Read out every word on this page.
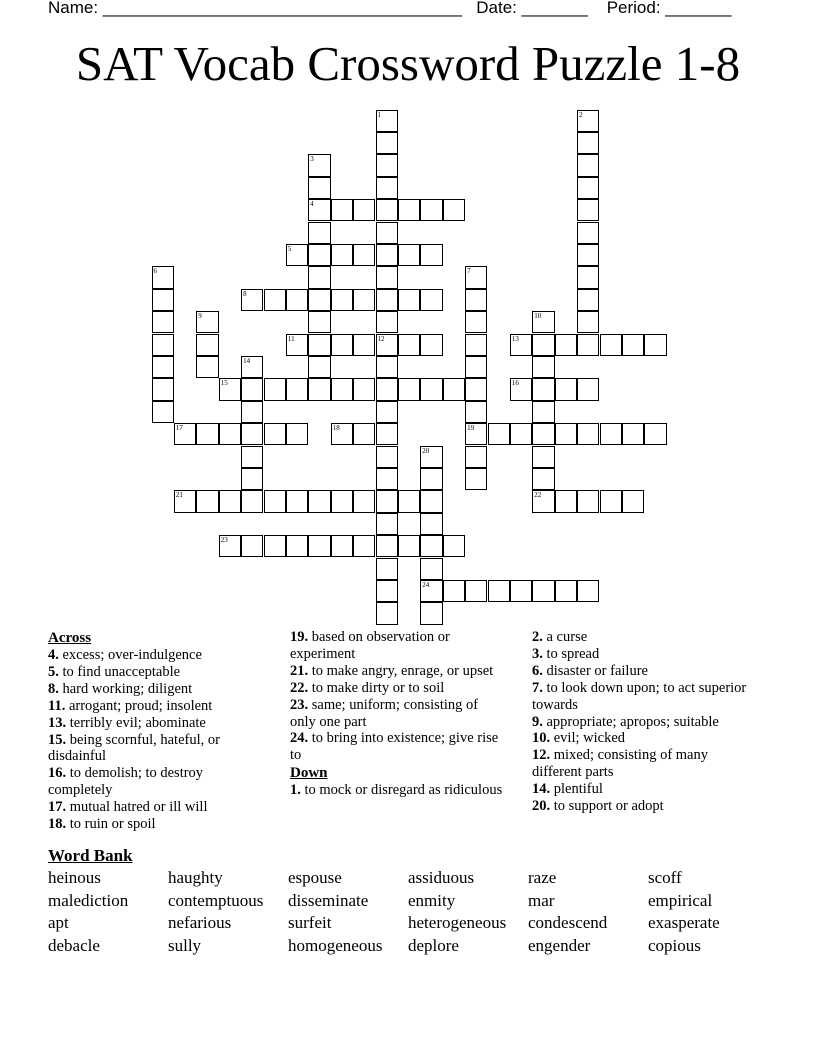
Name: ______________________________________ Date: _______ Period: _______
SAT Vocab Crossword Puzzle 1-8
4
5
8
11	12	13
15	16
17	18	19
21	22
23
24
1	2
3
6	7
9	10
14
20
Across

4. excess; over-indulgence

5. to find unacceptable

8. hard working; diligent

11. arrogant; proud; insolent

13. terribly evil; abominate

15. being scornful, hateful, or disdainful

16. to demolish; to destroy completely

17. mutual hatred or ill will

18. to ruin or spoil

19. based on observation or experiment

21. to make angry, enrage, or upset

22. to make dirty or to soil

23. same; uniform; consisting of only one part

24. to bring into existence; give rise to

Down

1. to mock or disregard as ridiculous

2. a curse

3. to spread

6. disaster or failure

7. to look down upon; to act superior towards

9. appropriate; apropos; suitable

10. evil; wicked

12. mixed; consisting of many different parts

14. plentiful

20. to support or adopt

Word Bank
heinous	haughty	espouse	assiduous	raze	scoff
malediction	contemptuous	disseminate	enmity	mar	empirical
apt	nefarious	surfeit	heterogeneous	condescend	exasperate
debacle	sully	homogeneous	deplore	engender	copious
